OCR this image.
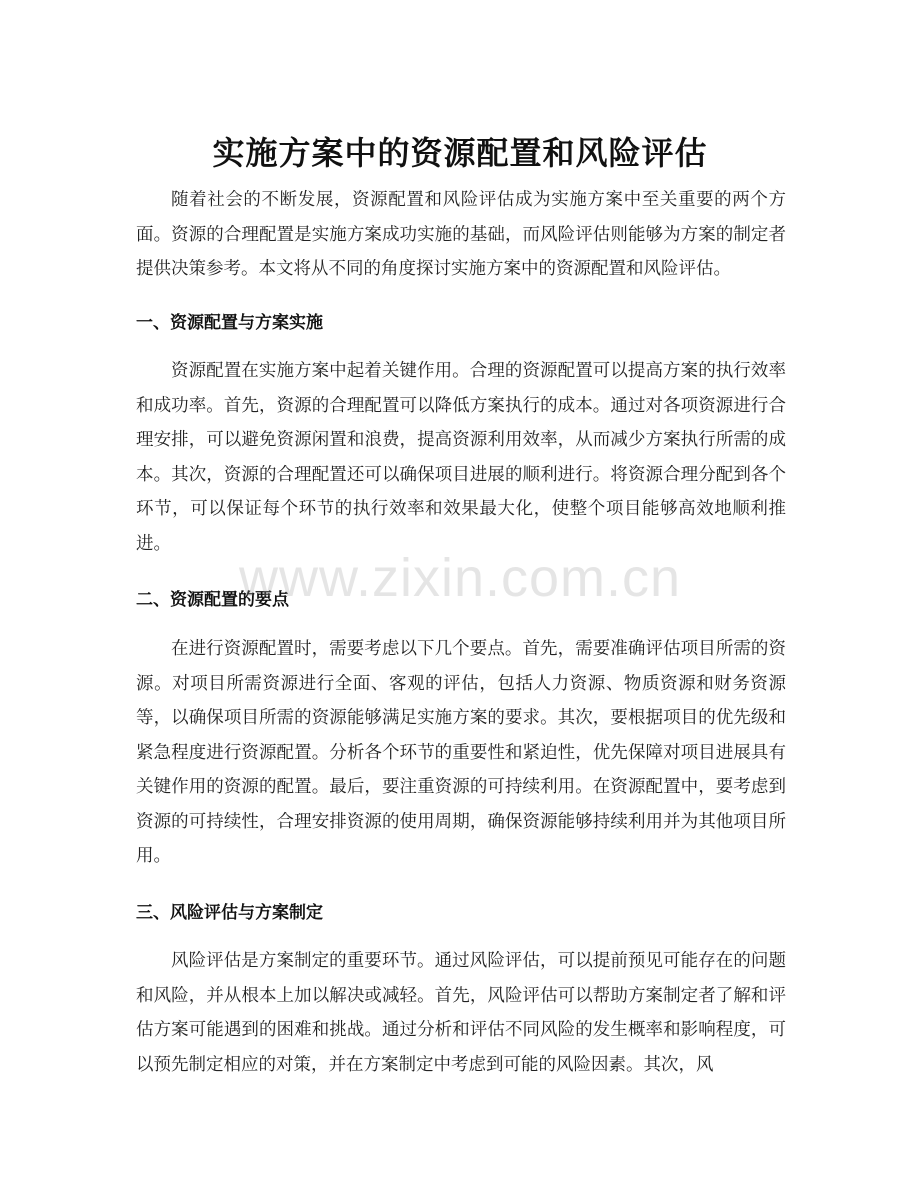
实施方案中的资源配置和风险评估

随着社会的不断发展，资源配置和风险评估成为实施方案中至关重要的两个方面。资源的合理配置是实施方案成功实施的基础，而风险评估则能够为方案的制定者提供决策参考。本文将从不同的角度探讨实施方案中的资源配置和风险评估。

一、资源配置与方案实施

资源配置在实施方案中起着关键作用。合理的资源配置可以提高方案的执行效率和成功率。首先，资源的合理配置可以降低方案执行的成本。通过对各项资源进行合理安排，可以避免资源闲置和浪费，提高资源利用效率，从而减少方案执行所需的成本。其次，资源的合理配置还可以确保项目进展的顺利进行。将资源合理分配到各个环节，可以保证每个环节的执行效率和效果最大化，使整个项目能够高效地顺利推进。

二、资源配置的要点

在进行资源配置时，需要考虑以下几个要点。首先，需要准确评估项目所需的资源。对项目所需资源进行全面、客观的评估，包括人力资源、物质资源和财务资源等，以确保项目所需的资源能够满足实施方案的要求。其次，要根据项目的优先级和紧急程度进行资源配置。分析各个环节的重要性和紧迫性，优先保障对项目进展具有关键作用的资源的配置。最后，要注重资源的可持续利用。在资源配置中，要考虑到资源的可持续性，合理安排资源的使用周期，确保资源能够持续利用并为其他项目所用。

三、风险评估与方案制定

风险评估是方案制定的重要环节。通过风险评估，可以提前预见可能存在的问题和风险，并从根本上加以解决或减轻。首先，风险评估可以帮助方案制定者了解和评估方案可能遇到的困难和挑战。通过分析和评估不同风险的发生概率和影响程度，可以预先制定相应的对策，并在方案制定中考虑到可能的风险因素。其次，风

www.zixin.com.cn
